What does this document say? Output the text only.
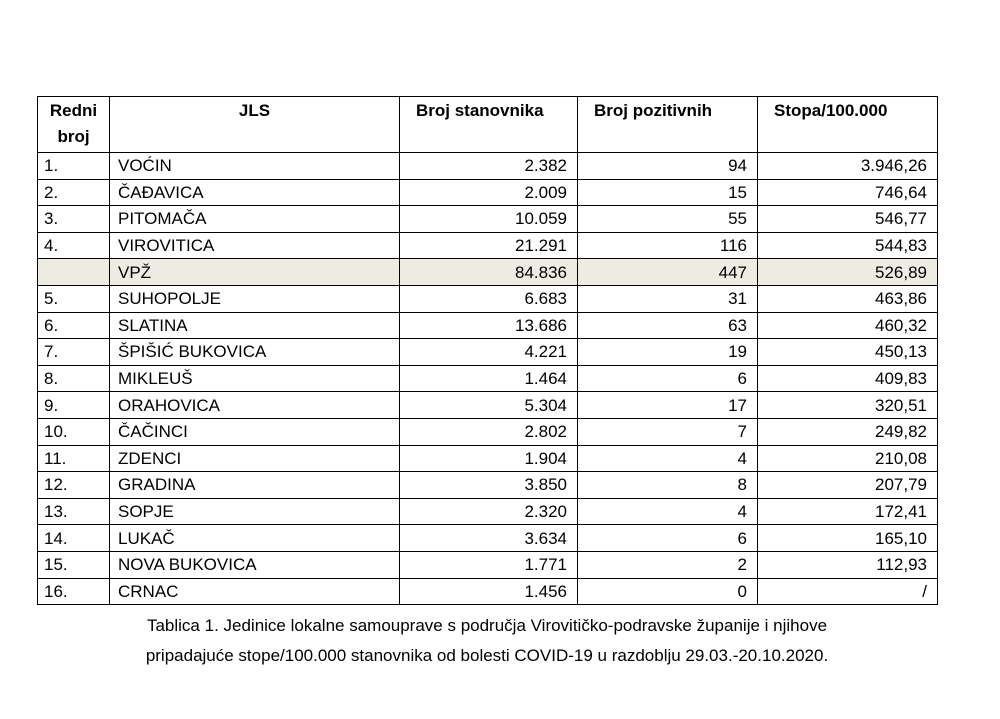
Redni
broj	JLS	Broj stanovnika	Broj pozitivnih	Stopa/100.000
1.	VOĆIN	2.382	94	3.946,26
2.	ČAĐAVICA	2.009	15	746,64
3.	PITOMAČA	10.059	55	546,77
4.	VIROVITICA	21.291	116	544,83
	VPŽ	84.836	447	526,89
5.	SUHOPOLJE	6.683	31	463,86
6.	SLATINA	13.686	63	460,32
7.	ŠPIŠIĆ BUKOVICA	4.221	19	450,13
8.	MIKLEUŠ	1.464	6	409,83
9.	ORAHOVICA	5.304	17	320,51
10.	ČAČINCI	2.802	7	249,82
11.	ZDENCI	1.904	4	210,08
12.	GRADINA	3.850	8	207,79
13.	SOPJE	2.320	4	172,41
14.	LUKAČ	3.634	6	165,10
15.	NOVA BUKOVICA	1.771	2	112,93
16.	CRNAC	1.456	0	/
Tablica 1. Jedinice lokalne samouprave s područja Virovitičko-podravske županije i njihove
pripadajuće stope/100.000 stanovnika od bolesti COVID-19 u razdoblju 29.03.-20.10.2020.
